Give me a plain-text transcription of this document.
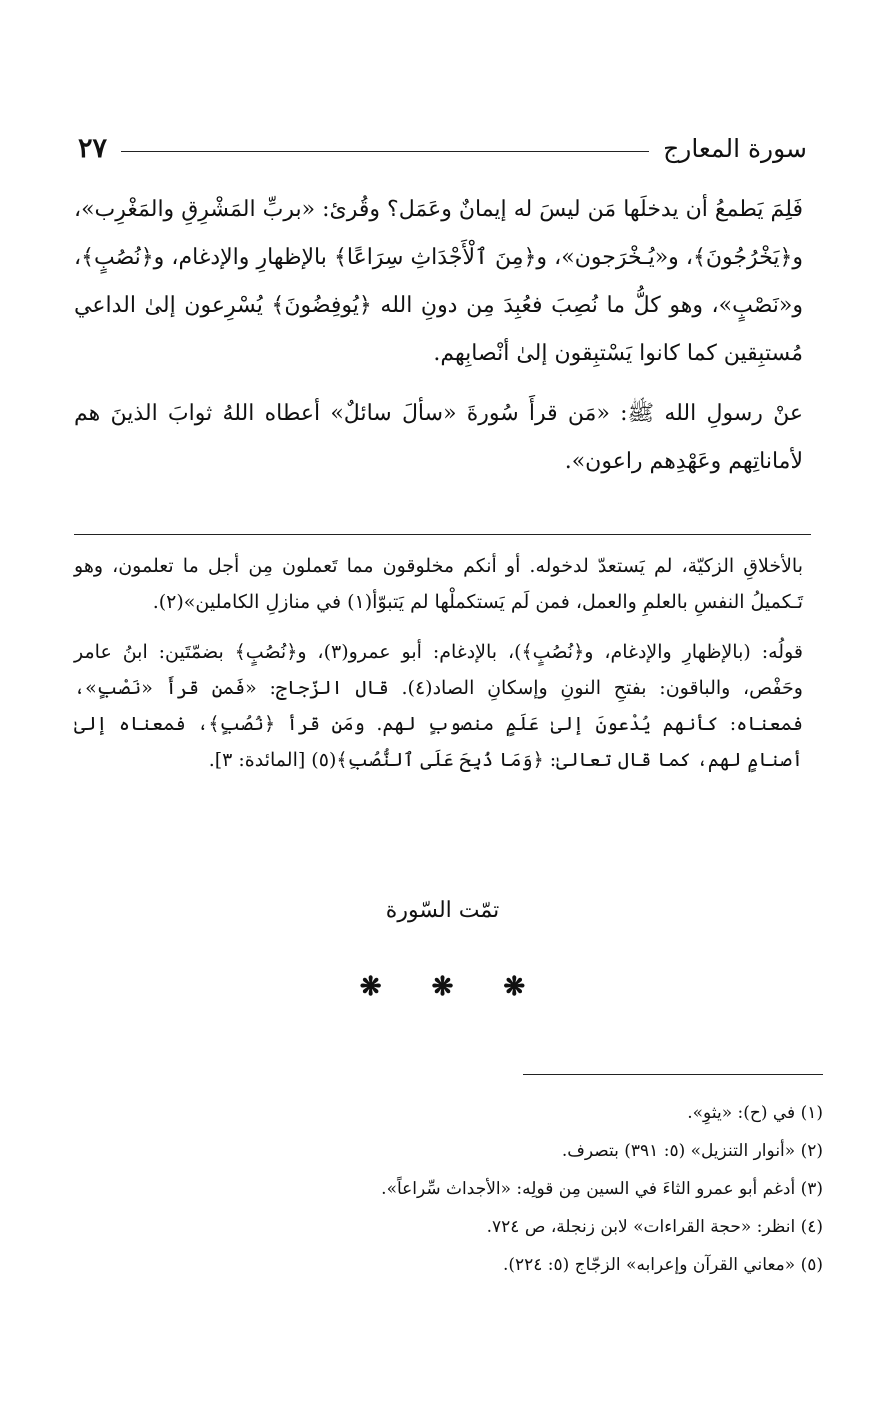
سورة المعارج
٢٧

فَلِمَ يَطمعُ أن يدخلَها مَن ليسَ له إيمانٌ وعَمَل؟ وقُرئ: «بربِّ المَشْرِقِ والمَغْرِب»، و﴿يَخْرُجُونَ﴾، و«يُـخْرَجون»، و﴿مِنَ ٱلْأَجْدَاثِ سِرَاعًا﴾ بالإظهارِ والإدغام، و﴿نُصُبٍ﴾، و«نَصْبٍ»، وهو كلُّ ما نُصِبَ فعُبِدَ مِن دونِ الله ﴿يُوفِضُونَ﴾ يُسْرِعون إلىٰ الداعي مُستبِقين كما كانوا يَسْتبِقون إلىٰ أنْصابِهم.

عنْ رسولِ الله ﷺ: «مَن قرأَ سُورةَ «سألَ سائلٌ» أعطاه اللهُ ثوابَ الذينَ هم لأماناتِهم وعَهْدِهم راعون».

بالأخلاقِ الزكيّة، لم يَستعدّ لدخوله. أو أنكم مخلوقون مما تَعملون مِن أجل ما تعلمون، وهو تَـكميلُ النفسِ بالعلمِ والعمل، فمن لَم يَستكملْها لم يَتبوّأ(١) في منازلِ الكاملين»(٢).

قولُه: (بالإظهارِ والإدغام، و﴿نُصُبٍ﴾)، بالإدغام: أبو عمرو(٣)، و﴿نُصُبٍ﴾ بضمّتَين: ابنُ عامر وحَفْص، والباقون: بفتحِ النونِ وإسكانِ الصاد(٤). قال الزّجاج: «فَمن قرأَ «نَصْبٍ»، فمعناه: كأنهم يُدْعونَ إلىٰ عَلَمٍ منصوبٍ لهم. ومَن قرأ ﴿نُصُبٍ﴾، فمعناه إلىٰ أصنامٍ لهم، كما قال تعالىٰ: ﴿وَمَا ذُبِحَ عَلَى ٱلنُّصُبِ﴾(٥) [المائدة: ٣].

تمّت السّورة
❋ ❋ ❋

(١) في (ح): «يثوِ».

(٢) «أنوار التنزيل» (٥: ٣٩١) بتصرف.

(٣) أدغم أبو عمرو الثاءَ في السين مِن قولِه: «الأجداث سِّراعاً».

(٤) انظر: «حجة القراءات» لابن زنجلة، ص ٧٢٤.

(٥) «معاني القرآن وإعرابه» الزجّاج (٥: ٢٢٤).
